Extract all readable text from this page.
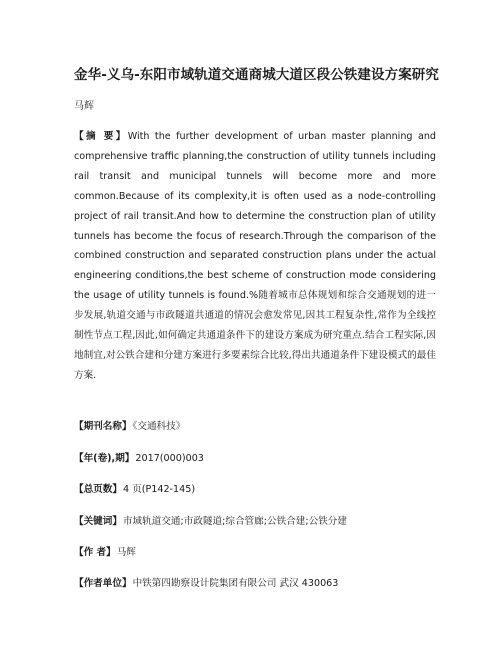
金华-义乌-东阳市域轨道交通商城大道区段公铁建设方案研究
马辉
【摘 要】With the further development of urban master planning and comprehensive traffic planning,the construction of utility tunnels including rail transit and municipal tunnels will become more and more common.Because of its complexity,it is often used as a node-controlling project of rail transit.And how to determine the construction plan of utility tunnels has become the focus of research.Through the comparison of the combined construction and separated construction plans under the actual engineering conditions,the best scheme of construction mode considering the usage of utility tunnels is found.%随着城市总体规划和综合交通规划的进一步发展,轨道交通与市政隧道共通道的情况会愈发常见,因其工程复杂性,常作为全线控制性节点工程,因此,如何确定共通道条件下的建设方案成为研究重点.结合工程实际,因地制宜,对公铁合建和分建方案进行多要素综合比较,得出共通道条件下建设模式的最佳方案.
【期刊名称】《交通科技》
【年(卷),期】2017(000)003
【总页数】4 页(P142-145)
【关键词】市域轨道交通;市政隧道;综合管廊;公铁合建;公铁分建
【作 者】马辉
【作者单位】中铁第四勘察设计院集团有限公司 武汉 430063
